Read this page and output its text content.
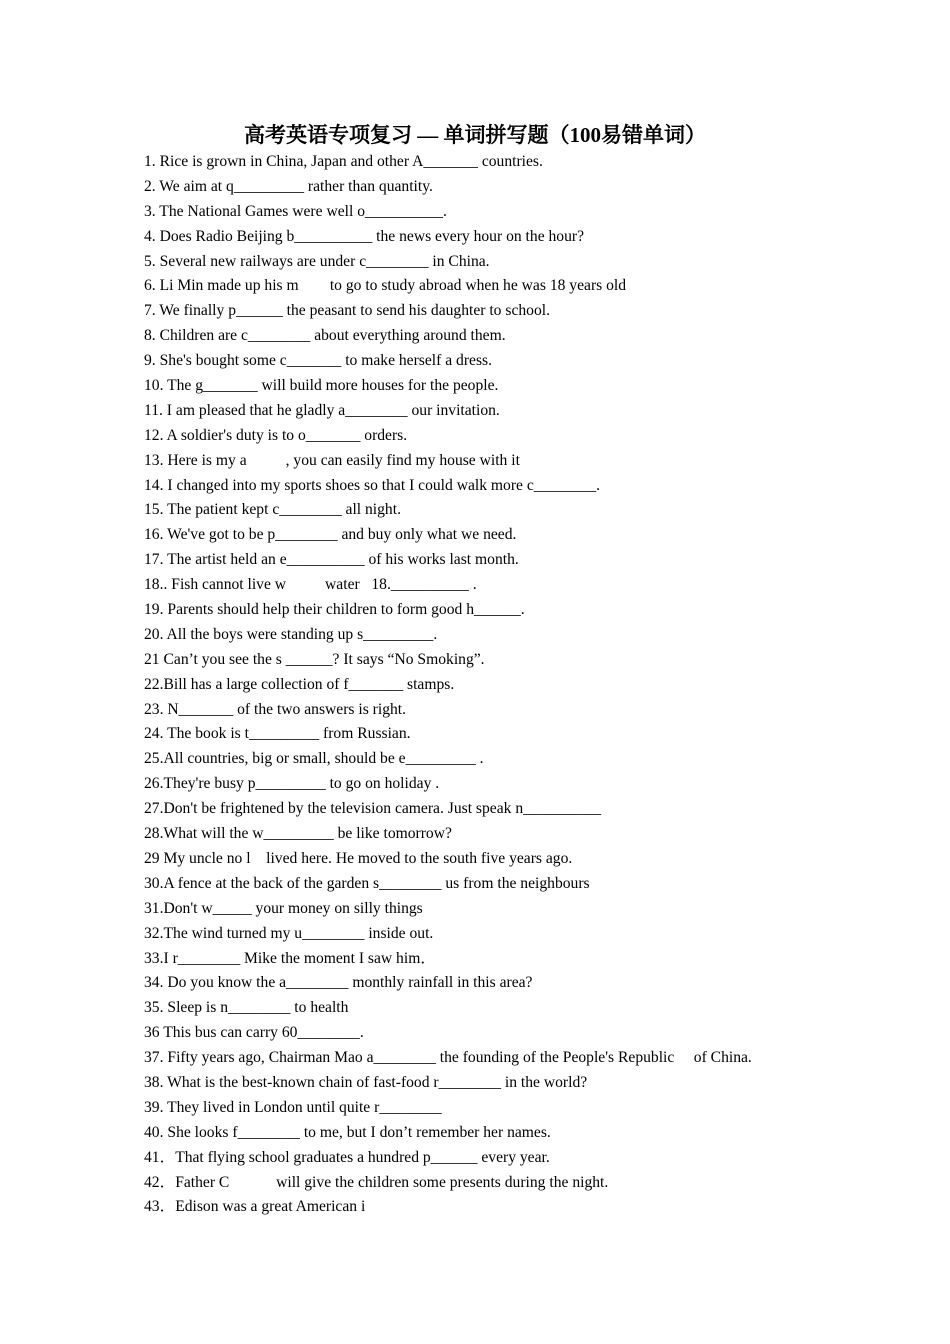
高考英语专项复习 — 单词拼写题（100易错单词）
1. Rice is grown in China, Japan and other A_______ countries.
2. We aim at q_________ rather than quantity.
3. The National Games were well o__________.
4. Does Radio Beijing b__________ the news every hour on the hour?
5. Several new railways are under c________ in China.
6. Li Min made up his m        to go to study abroad when he was 18 years old
7. We finally p______ the peasant to send his daughter to school.
8. Children are c________ about everything around them.
9. She's bought some c_______ to make herself a dress.
10. The g_______ will build more houses for the people.
11. I am pleased that he gladly a________ our invitation.
12. A soldier's duty is to o_______ orders.
13. Here is my a          , you can easily find my house with it
14. I changed into my sports shoes so that I could walk more c________.
15. The patient kept c________ all night.
16. We've got to be p________ and buy only what we need.
17. The artist held an e__________ of his works last month.
18.. Fish cannot live w          water   18.__________ .
19. Parents should help their children to form good h______.
20. All the boys were standing up s_________.
21 Can’t you see the s ______? It says “No Smoking”.
22.Bill has a large collection of f_______ stamps.
23. N_______ of the two answers is right.
24. The book is t_________ from Russian.
25.All countries, big or small, should be e_________ .
26.They're busy p_________ to go on holiday .
27.Don't be frightened by the television camera. Just speak n__________
28.What will the w_________ be like tomorrow?
29 My uncle no l    lived here. He moved to the south five years ago.
30.A fence at the back of the garden s________ us from the neighbours
31.Don't w_____ your money on silly things
32.The wind turned my u________ inside out.
33.I r________ Mike the moment I saw him．
34. Do you know the a________ monthly rainfall in this area?
35. Sleep is n________ to health
36 This bus can carry 60________.
37. Fifty years ago, Chairman Mao a________ the founding of the People's Republic     of China.
38. What is the best-known chain of fast-food r________ in the world?
39. They lived in London until quite r________
40. She looks f________ to me, but I don’t remember her names.
41．That flying school graduates a hundred p______ every year.
42．Father C            will give the children some presents during the night.
43．Edison was a great American i
